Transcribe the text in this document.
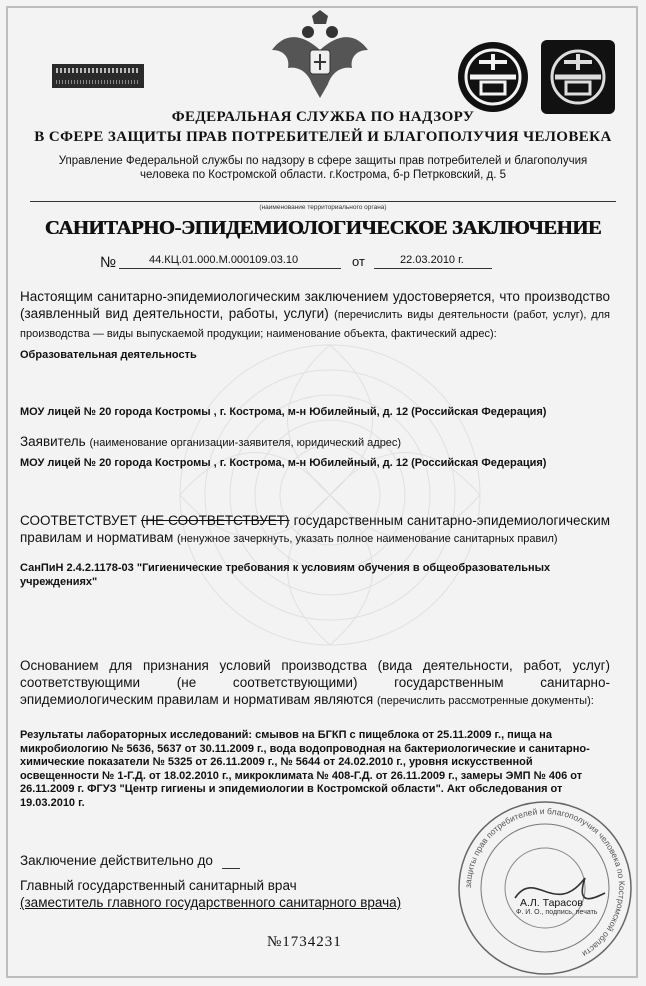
ФЕДЕРАЛЬНАЯ СЛУЖБА ПО НАДЗОРУ
В СФЕРЕ ЗАЩИТЫ ПРАВ ПОТРЕБИТЕЛЕЙ И БЛАГОПОЛУЧИЯ ЧЕЛОВЕКА
Управление Федеральной службы по надзору в сфере защиты прав потребителей и благополучия
человека по Костромской области. г.Кострома, б-р Петрковский, д. 5
(наименование территориального органа)
САНИТАРНО-ЭПИДЕМИОЛОГИЧЕСКОЕ ЗАКЛЮЧЕНИЕ
№	44.КЦ.01.000.М.000109.03.10	от	22.03.2010 г.
Настоящим санитарно-эпидемиологическим заключением удостоверяется, что производство (заявленный вид деятельности, работы, услуги) (перечислить виды деятельности (работ, услуг), для производства — виды выпускаемой продукции; наименование объекта, фактический адрес):
Образовательная деятельность
МОУ лицей № 20 города Костромы , г. Кострома, м-н Юбилейный, д. 12 (Российская Федерация)
Заявитель (наименование организации-заявителя, юридический адрес)
МОУ лицей № 20 города Костромы , г. Кострома, м-н Юбилейный, д. 12 (Российская Федерация)
СООТВЕТСТВУЕТ (НЕ СООТВЕТСТВУЕТ) государственным санитарно-эпидемиологическим правилам и нормативам (ненужное зачеркнуть, указать полное наименование санитарных правил)
СанПиН 2.4.2.1178-03 "Гигиенические требования к условиям обучения в общеобразовательных учреждениях"
Основанием для признания условий производства (вида деятельности, работ, услуг) соответствующими (не соответствующими) государственным санитарно-эпидемиологическим правилам и нормативам являются (перечислить рассмотренные документы):
Результаты лабораторных исследований: смывов на БГКП с пищеблока от 25.11.2009 г., пища на микробиологию № 5636, 5637 от 30.11.2009 г., вода водопроводная на бактериологические и санитарно-химические показатели № 5325 от 26.11.2009 г., № 5644 от 24.02.2010 г., уровня искусственной освещенности № 1-Г.Д. от 18.02.2010 г., микроклимата № 408-Г.Д. от 26.11.2009 г., замеры ЭМП № 406 от 26.11.2009 г. ФГУЗ "Центр гигиены и эпидемиологии в Костромской области". Акт обследования от 19.03.2010 г.
Заключение действительно до
Главный государственный санитарный врач
(заместитель главного государственного санитарного врача)
защиты прав потребителей и благополучия человека по Костромской области
А.Л. Тарасов
Ф. И. О., подпись, печать
№1734231
